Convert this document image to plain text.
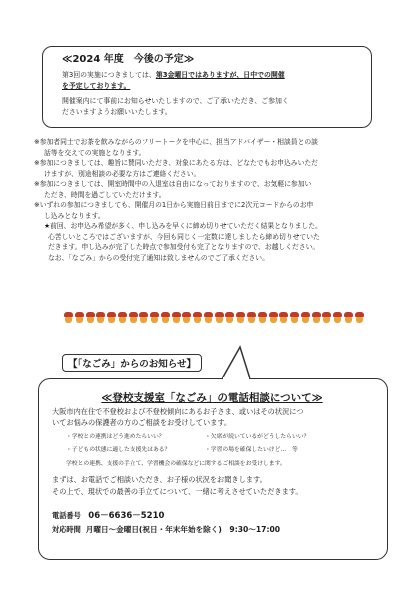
≪2024 年度　今後の予定≫
第3回の実施につきましては、第3金曜日ではありますが、日中での開催
を予定しております。
開催案内にて事前にお知らせいたしますので、ご了承いただき、ご参加く
ださいますようお願いいたします。
※参加者同士でお茶を飲みながらのフリートークを中心に、担当アドバイザー・相談員との談
話等を交えての実施となります。
※参加につきましては、趣旨に賛同いただき、対象にあたる方は、どなたでもお申込みいただ
けますが、別途相談の必要な方はご連絡ください。
※参加につきましては、開室時間中の入退室は自由になっておりますので、お気軽に参加い
ただき、時間を過ごしていただけます。
※いずれの参加につきましても、開催月の1日から実施日前日までに2次元コードからのお申
し込みとなります。
★前回、お申込み希望が多く、申し込みを早くに締め切りせていただく結果となりました。
心苦しいところではございますが、今回も同じく一定数に達しましたら締め切りせていた
だきます。申し込みが完了した時点で参加受付も完了となりますので、お越しください。
なお、「なごみ」からの受付完了通知は致しませんのでご了承ください。
【「なごみ」からのお知らせ】
≪登校支援室「なごみ」の電話相談について≫
大阪市内在住で不登校および不登校傾向にあるお子さま、或いはその状況につ
いてお悩みの保護者の方のご相談をお受けしています。
・学校との連携はどう進めたらいい？	・欠席が続いているがどうしたらいい？
・子どもの状態に適した支援先はある？	・学習の場を確保したいけど…　等
学校との連携、支援の手立て、学習機会の確保などに関するご相談をお受けします。
まずは、お電話でご相談いただき、お子様の状況をお聞きします。
その上で、現状での最善の手立てについて、一緒に考えさせていただきます。
電話番号 06－6636－5210
対応時間 月曜日～金曜日(祝日・年末年始を除く)　9:30～17:00
